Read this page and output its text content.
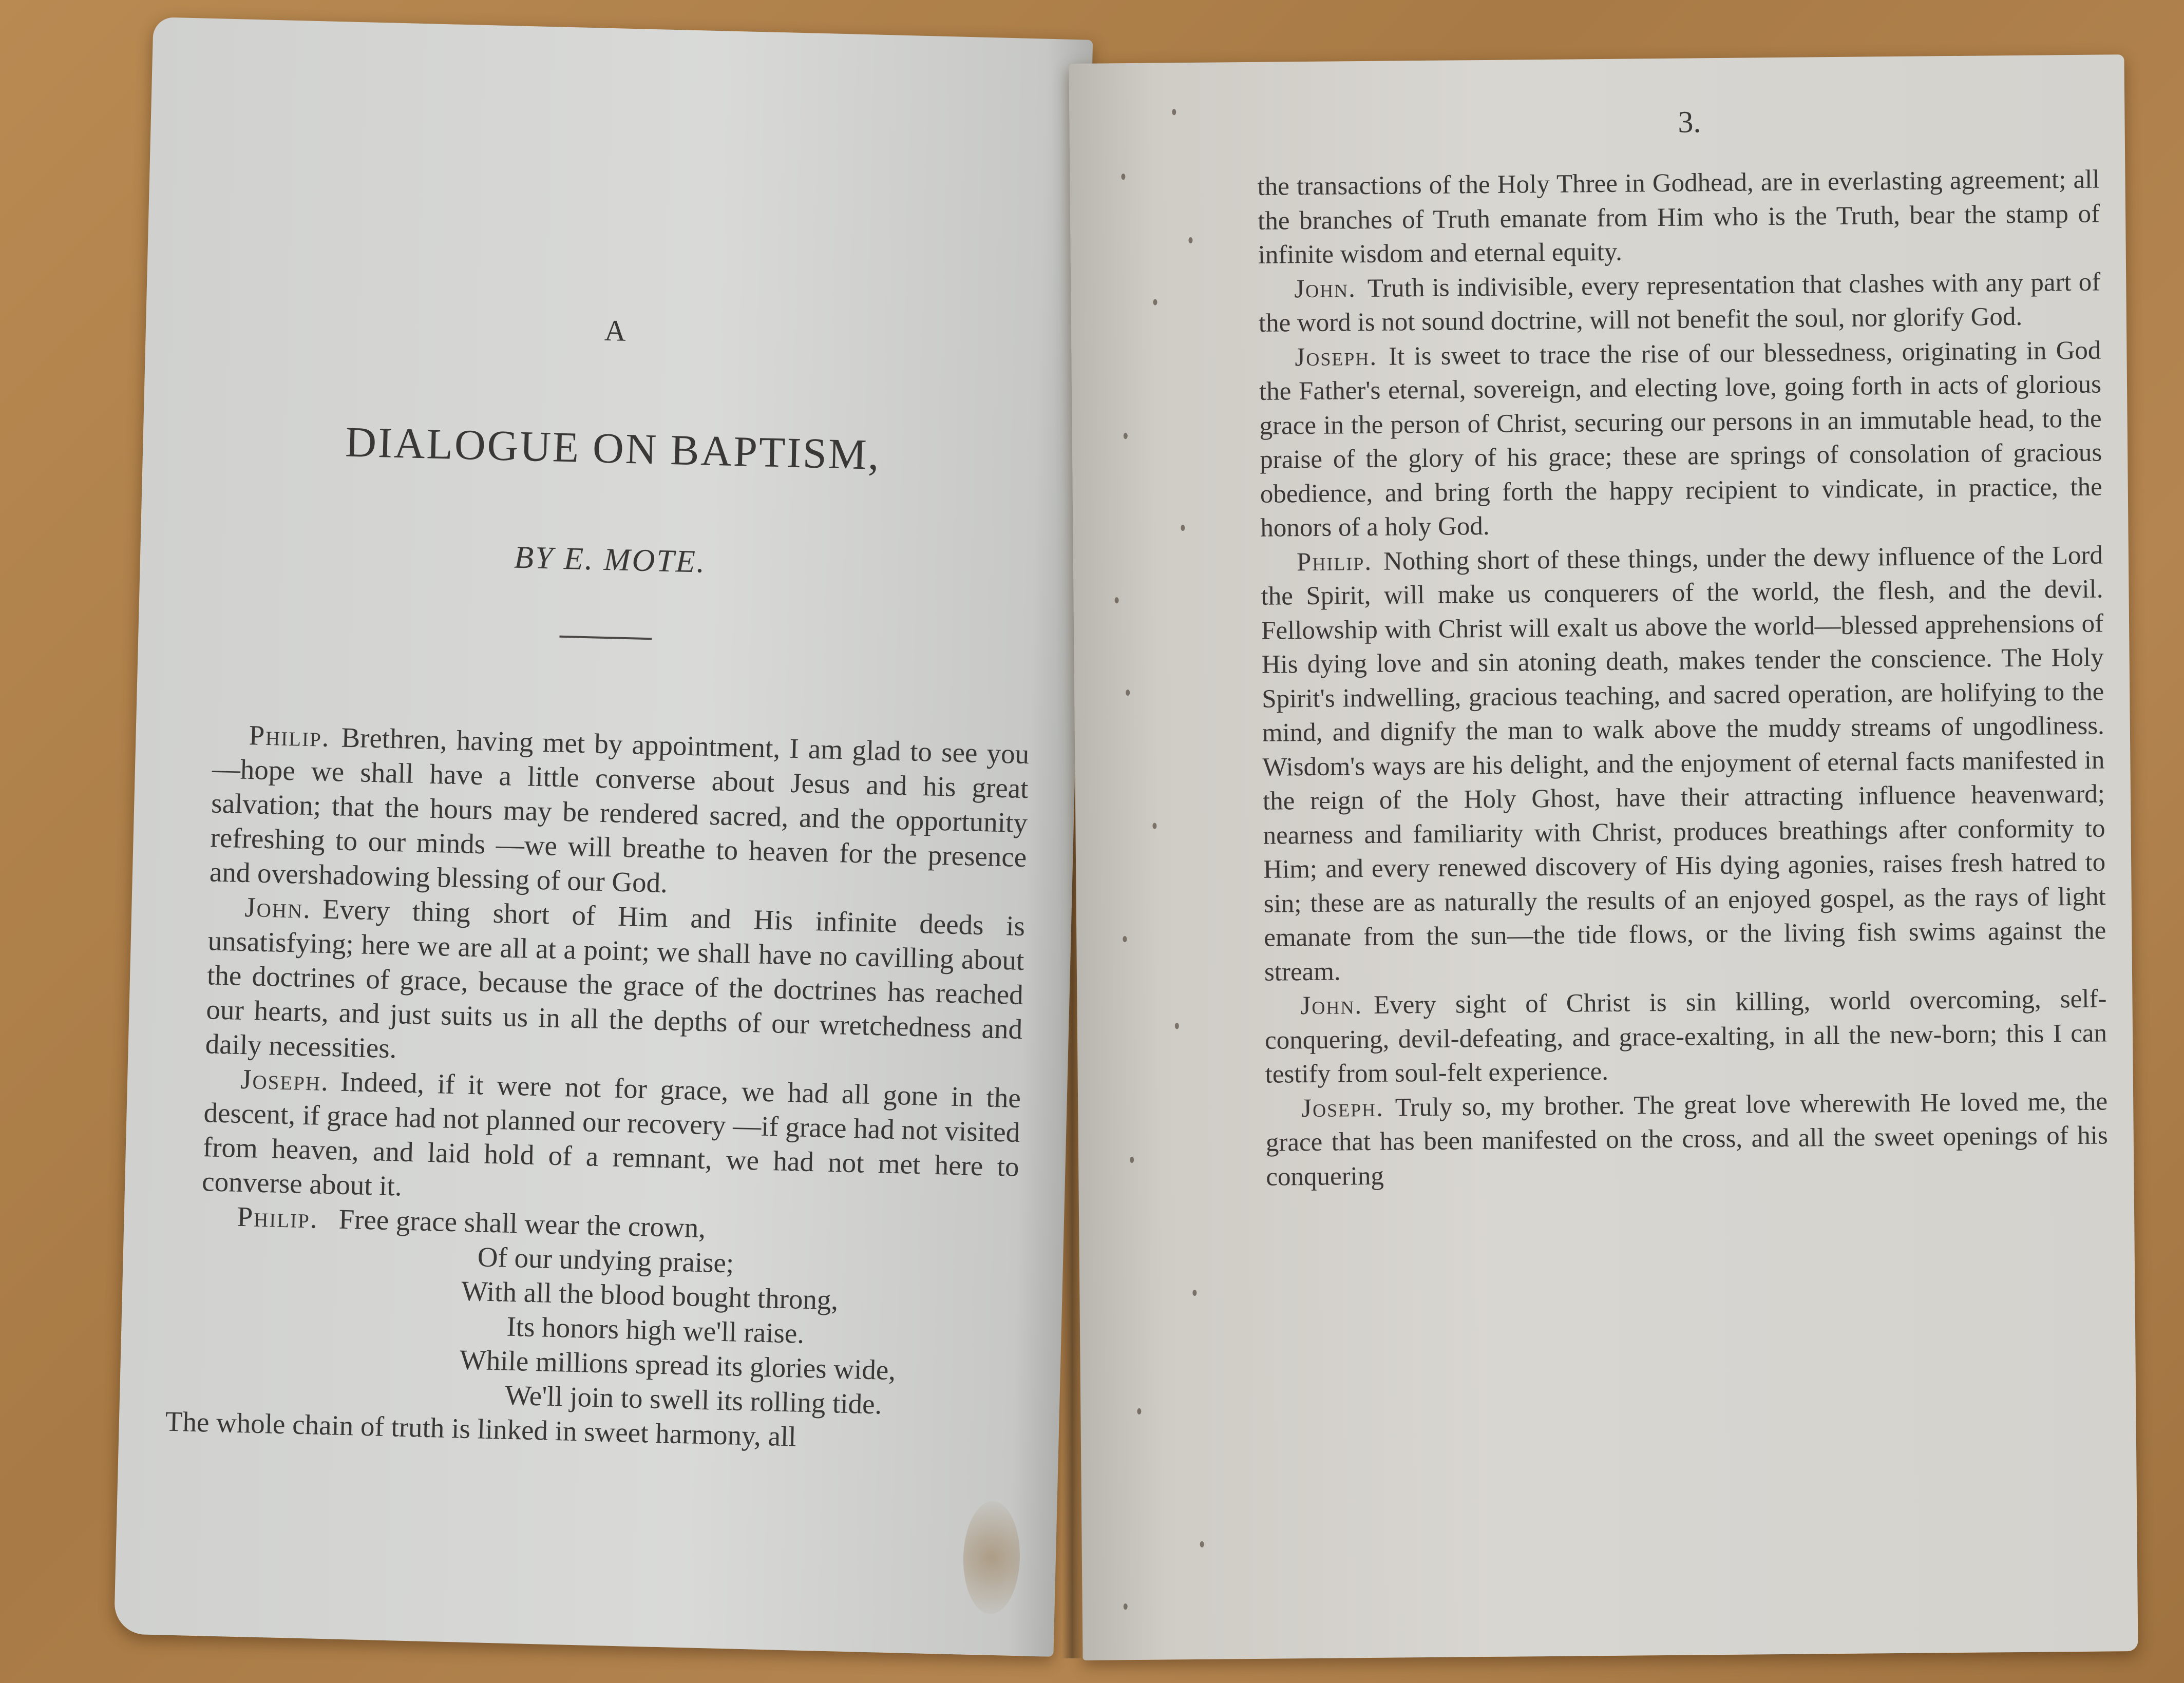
A
DIALOGUE ON BAPTISM,
BY E. MOTE.

Philip. Brethren, having met by appointment, I am glad to see you—hope we shall have a little converse about Jesus and his great salvation; that the hours may be rendered sacred, and the opportunity refreshing to our minds —we will breathe to heaven for the presence and overshadowing blessing of our God.

John. Every thing short of Him and His infinite deeds is unsatisfying; here we are all at a point; we shall have no cavilling about the doctrines of grace, because the grace of the doctrines has reached our hearts, and just suits us in all the depths of our wretchedness and daily necessities.

Joseph. Indeed, if it were not for grace, we had all gone in the descent, if grace had not planned our recovery —if grace had not visited from heaven, and laid hold of a remnant, we had not met here to converse about it.

Philip. Free grace shall wear the crown,
Of our undying praise;
With all the blood bought throng,
Its honors high we'll raise.
While millions spread its glories wide,
We'll join to swell its rolling tide.

The whole chain of truth is linked in sweet harmony, all

3.

the transactions of the Holy Three in Godhead, are in everlasting agreement; all the branches of Truth emanate from Him who is the Truth, bear the stamp of infinite wisdom and eternal equity.

John. Truth is indivisible, every representation that clashes with any part of the word is not sound doctrine, will not benefit the soul, nor glorify God.

Joseph. It is sweet to trace the rise of our blessedness, originating in God the Father's eternal, sovereign, and electing love, going forth in acts of glorious grace in the person of Christ, securing our persons in an immutable head, to the praise of the glory of his grace; these are springs of consolation of gracious obedience, and bring forth the happy recipient to vindicate, in practice, the honors of a holy God.

Philip. Nothing short of these things, under the dewy influence of the Lord the Spirit, will make us conquerers of the world, the flesh, and the devil. Fellowship with Christ will exalt us above the world—blessed apprehensions of His dying love and sin atoning death, makes tender the conscience. The Holy Spirit's indwelling, gracious teaching, and sacred operation, are holifying to the mind, and dignify the man to walk above the muddy streams of ungodliness. Wisdom's ways are his delight, and the enjoyment of eternal facts manifested in the reign of the Holy Ghost, have their attracting influence heavenward; nearness and familiarity with Christ, produces breathings after conformity to Him; and every renewed discovery of His dying agonies, raises fresh hatred to sin; these are as naturally the results of an enjoyed gospel, as the rays of light emanate from the sun—the tide flows, or the living fish swims against the stream.

John. Every sight of Christ is sin killing, world overcoming, self-conquering, devil-defeating, and grace-exalting, in all the new-born; this I can testify from soul-felt experience.

Joseph. Truly so, my brother. The great love wherewith He loved me, the grace that has been manifested on the cross, and all the sweet openings of his conquering
